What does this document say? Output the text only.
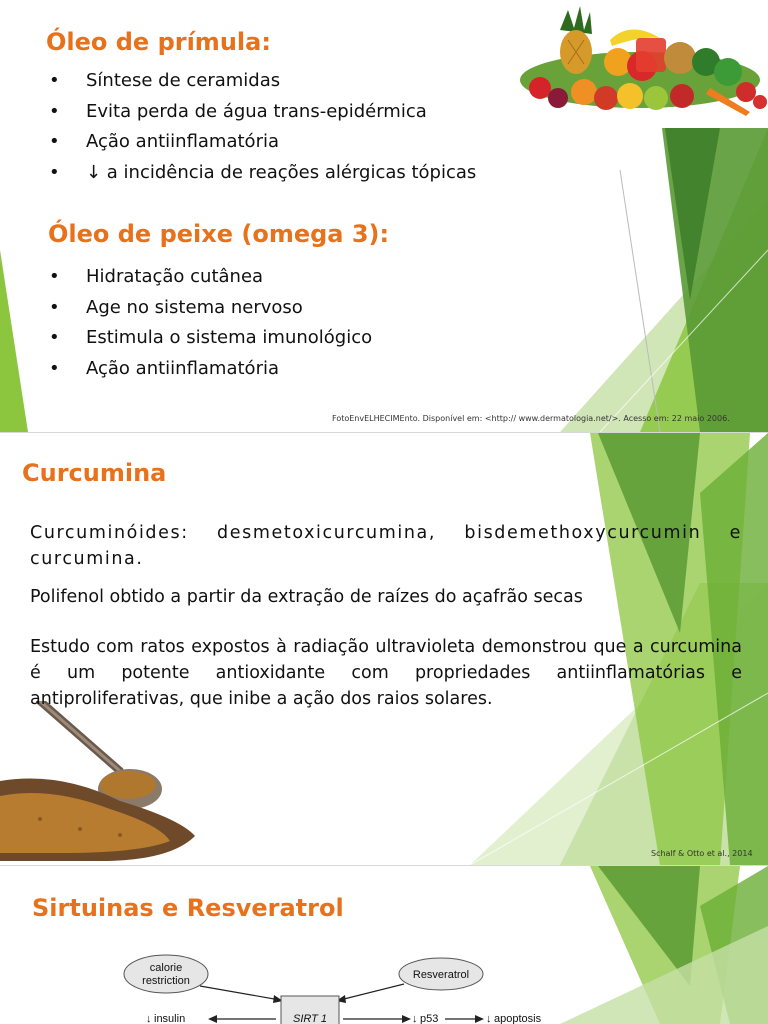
Óleo de prímula:
• Síntese de ceramidas
• Evita perda de água trans-epidérmica
• Ação antiinflamatória
• ↓ a incidência de reações alérgicas tópicas
Óleo de peixe (omega 3):
• Hidratação cutânea
• Age no sistema nervoso
• Estimula o sistema imunológico
• Ação antiinflamatória
FotoEnvELHECIMEnto. Disponível em: <http:// www.dermatologia.net/>. Acesso em: 22 maio 2006.
Curcumina
Curcuminóides: desmetoxicurcumina, bisdemethoxycurcumin e curcumina.
Polifenol obtido a partir da extração de raízes do açafrão secas
Estudo com ratos expostos à radiação ultravioleta demonstrou que a curcumina é um potente antioxidante com propriedades antiinflamatórias e antiproliferativas, que inibe a ação dos raios solares.
Schalf & Otto et al., 2014
Sirtuinas e Resveratrol
calorie
restriction	Resveratrol
SIRT 1
↓ insulin	↓ p53	↓ apoptosis
